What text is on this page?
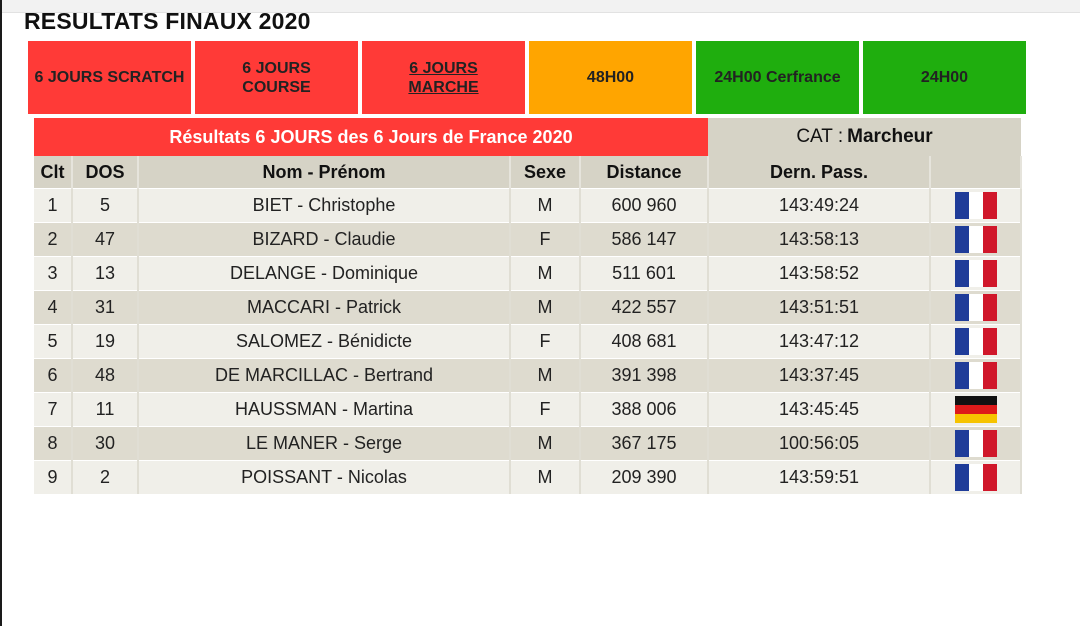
RESULTATS FINAUX 2020
6 JOURS SCRATCH
6 JOURS
COURSE
6 JOURS
MARCHE
48H00	24H00 Cerfrance	24H00
Résultats 6 JOURS des 6 Jours de France 2020	CAT : Marcheur
Clt	DOS	Nom - Prénom	Sexe	Distance	Dern. Pass.	
1	5	BIET - Christophe	M	600 960	143:49:24	
2	47	BIZARD - Claudie	F	586 147	143:58:13	
3	13	DELANGE - Dominique	M	511 601	143:58:52	
4	31	MACCARI - Patrick	M	422 557	143:51:51	
5	19	SALOMEZ - Bénidicte	F	408 681	143:47:12	
6	48	DE MARCILLAC - Bertrand	M	391 398	143:37:45	
7	11	HAUSSMAN - Martina	F	388 006	143:45:45	
8	30	LE MANER - Serge	M	367 175	100:56:05	
9	2	POISSANT - Nicolas	M	209 390	143:59:51	
